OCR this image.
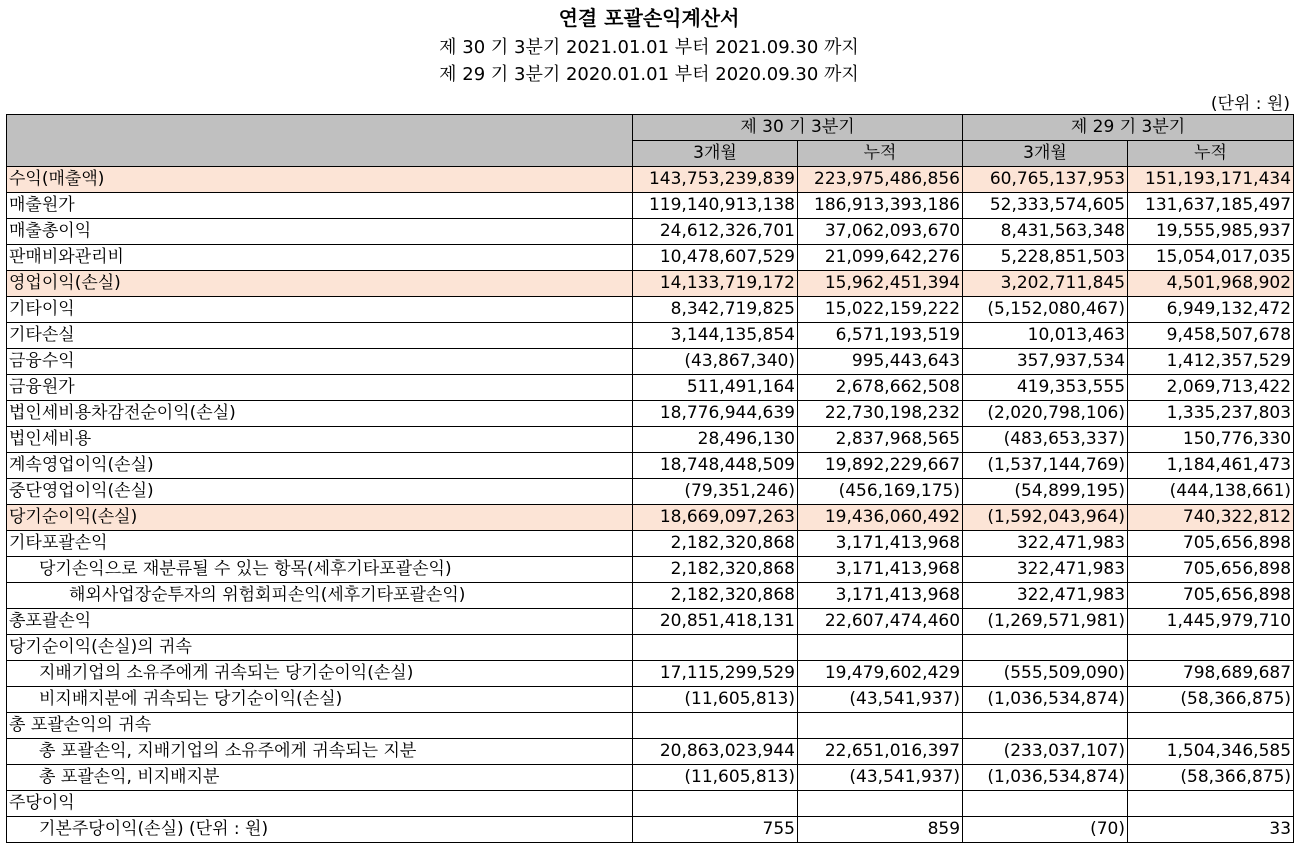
연결 포괄손익계산서
제 30 기 3분기 2021.01.01 부터 2021.09.30 까지
제 29 기 3분기 2020.01.01 부터 2020.09.30 까지
(단위 : 원)
	제 30 기 3분기		제 29 기 3분기	
	3개월	누적	3개월	누적
수익(매출액)	143,753,239,839	223,975,486,856	60,765,137,953	151,193,171,434
매출원가	119,140,913,138	186,913,393,186	52,333,574,605	131,637,185,497
매출총이익	24,612,326,701	37,062,093,670	8,431,563,348	19,555,985,937
판매비와관리비	10,478,607,529	21,099,642,276	5,228,851,503	15,054,017,035
영업이익(손실)	14,133,719,172	15,962,451,394	3,202,711,845	4,501,968,902
기타이익	8,342,719,825	15,022,159,222	(5,152,080,467)	6,949,132,472
기타손실	3,144,135,854	6,571,193,519	10,013,463	9,458,507,678
금융수익	(43,867,340)	995,443,643	357,937,534	1,412,357,529
금융원가	511,491,164	2,678,662,508	419,353,555	2,069,713,422
법인세비용차감전순이익(손실)	18,776,944,639	22,730,198,232	(2,020,798,106)	1,335,237,803
법인세비용	28,496,130	2,837,968,565	(483,653,337)	150,776,330
계속영업이익(손실)	18,748,448,509	19,892,229,667	(1,537,144,769)	1,184,461,473
중단영업이익(손실)	(79,351,246)	(456,169,175)	(54,899,195)	(444,138,661)
당기순이익(손실)	18,669,097,263	19,436,060,492	(1,592,043,964)	740,322,812
기타포괄손익	2,182,320,868	3,171,413,968	322,471,983	705,656,898
당기손익으로 재분류될 수 있는 항목(세후기타포괄손익)	2,182,320,868	3,171,413,968	322,471,983	705,656,898
해외사업장순투자의 위험회피손익(세후기타포괄손익)	2,182,320,868	3,171,413,968	322,471,983	705,656,898
총포괄손익	20,851,418,131	22,607,474,460	(1,269,571,981)	1,445,979,710
당기순이익(손실)의 귀속				
지배기업의 소유주에게 귀속되는 당기순이익(손실)	17,115,299,529	19,479,602,429	(555,509,090)	798,689,687
비지배지분에 귀속되는 당기순이익(손실)	(11,605,813)	(43,541,937)	(1,036,534,874)	(58,366,875)
총 포괄손익의 귀속				
총 포괄손익, 지배기업의 소유주에게 귀속되는 지분	20,863,023,944	22,651,016,397	(233,037,107)	1,504,346,585
총 포괄손익, 비지배지분	(11,605,813)	(43,541,937)	(1,036,534,874)	(58,366,875)
주당이익				
기본주당이익(손실) (단위 : 원)	755	859	(70)	33
